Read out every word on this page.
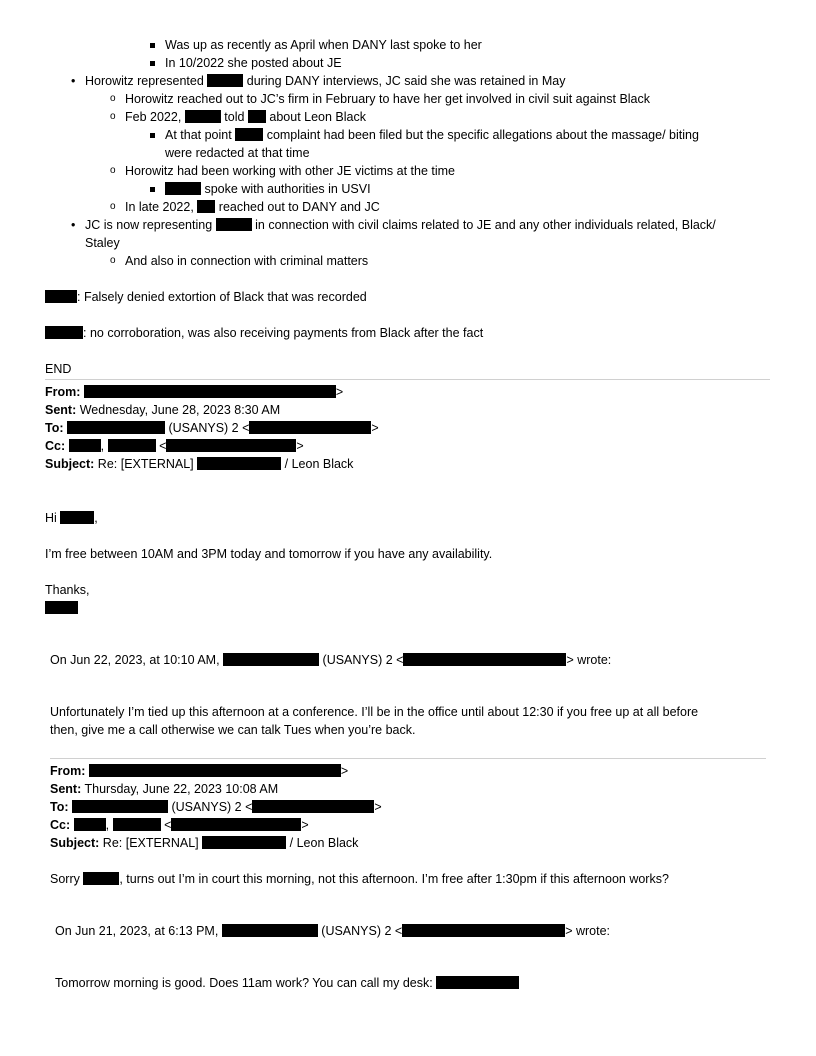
Was up as recently as April when DANY last spoke to her
In 10/2022 she posted about JE
• Horowitz represented	during DANY interviews, JC said she was retained in May
o Horowitz reached out to JC’s firm in February to have her get involved in civil suit against Black
o Feb 2022,	told about Leon Black
At that point	complaint had been filed but the specific allegations about the massage/ biting
were redacted at that time
o Horowitz had been working with other JE victims at the time
spoke with authorities in USVI
o In late 2022, reached out to DANY and JC
• JC is now representing	in connection with civil claims related to JE and any other individuals related, Black/
Staley
o And also in connection with criminal matters
: Falsely denied extortion of Black that was recorded
: no corroboration, was also receiving payments from Black after the fact
END
From:	>
Sent: Wednesday, June 28, 2023 8:30 AM
To:	(USANYS) 2 <	>
Cc:	,	<	>
Subject: Re: [EXTERNAL]	/ Leon Black
Hi	,
I’m free between 10AM and 3PM today and tomorrow if you have any availability.
Thanks,
On Jun 22, 2023, at 10:10 AM,	(USANYS) 2 <	> wrote:
Unfortunately I’m tied up this afternoon at a conference. I’ll be in the office until about 12:30 if you free up at all before
then, give me a call otherwise we can talk Tues when you’re back.
From:	>
Sent: Thursday, June 22, 2023 10:08 AM
To:	(USANYS) 2 <	>
Cc:	,	<	>
Subject: Re: [EXTERNAL]	/ Leon Black
Sorry	, turns out I’m in court this morning, not this afternoon. I’m free after 1:30pm if this afternoon works?
On Jun 21, 2023, at 6:13 PM,	(USANYS) 2 <	> wrote:
Tomorrow morning is good. Does 11am work? You can call my desk:
